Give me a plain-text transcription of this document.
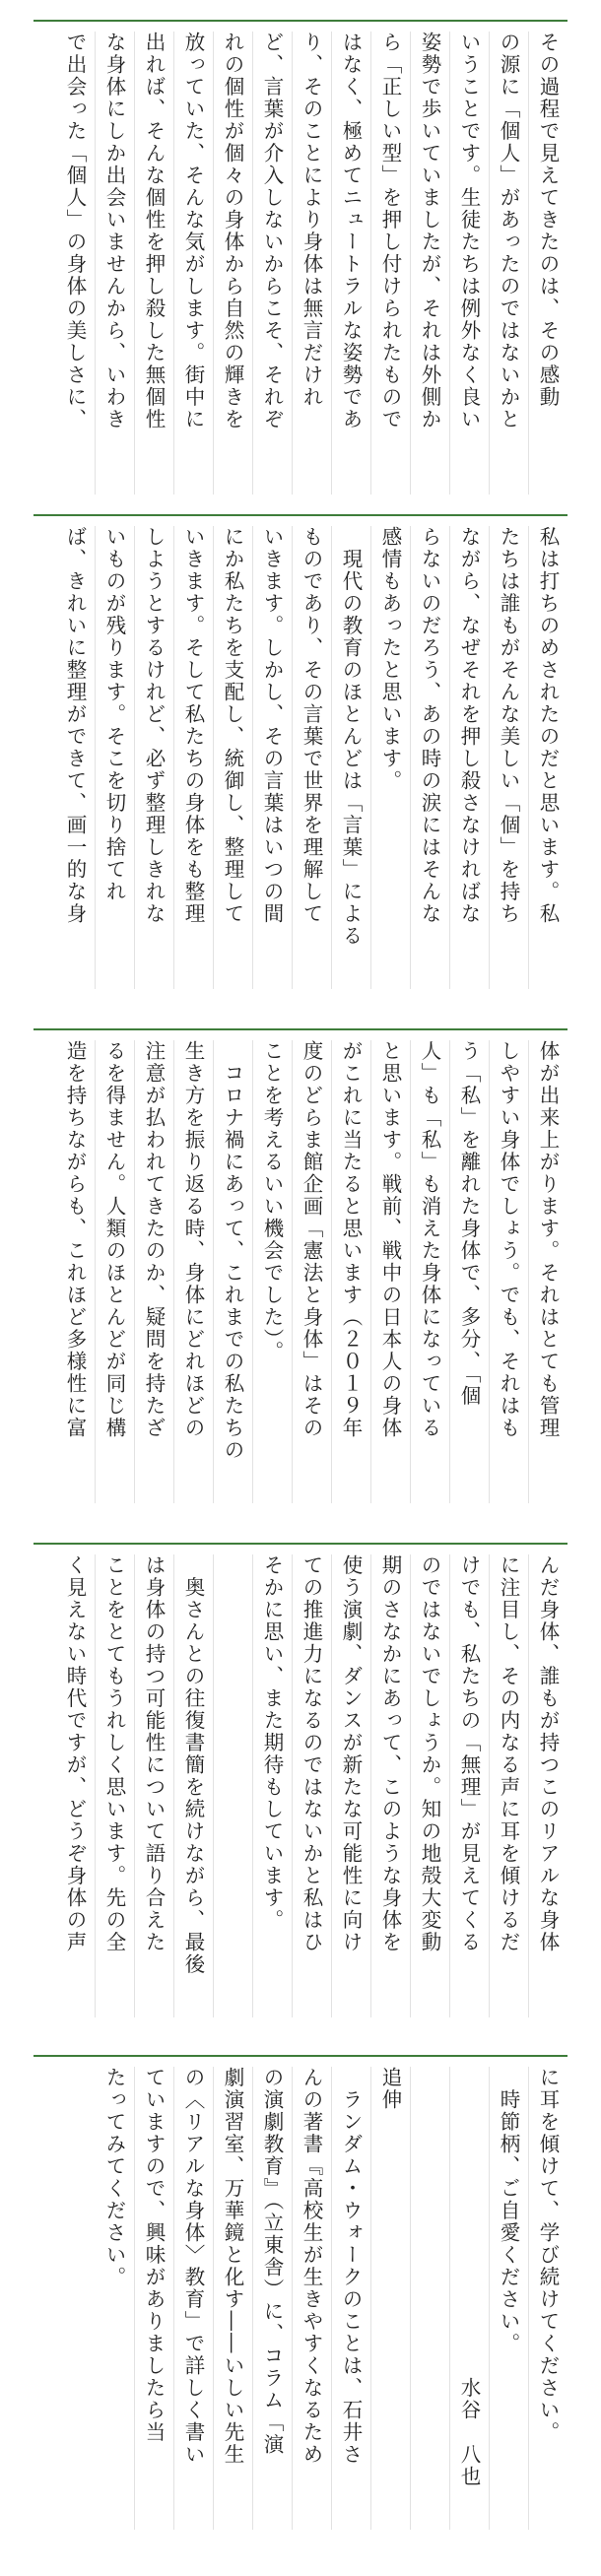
その過程で見えてきたのは、その感動
の源に「個人」があったのではないかと
いうことです。生徒たちは例外なく良い
姿勢で歩いていましたが、それは外側か
ら「正しい型」を押し付けられたもので
はなく、極めてニュートラルな姿勢であ
り、そのことにより身体は無言だけれ
ど、言葉が介入しないからこそ、それぞ
れの個性が個々の身体から自然の輝きを
放っていた、そんな気がします。街中に
出れば、そんな個性を押し殺した無個性
な身体にしか出会いませんから、いわき
で出会った「個人」の身体の美しさに、
私は打ちのめされたのだと思います。私
たちは誰もがそんな美しい「個」を持ち
ながら、なぜそれを押し殺さなければな
らないのだろう、あの時の涙にはそんな
感情もあったと思います。
　現代の教育のほとんどは「言葉」による
ものであり、その言葉で世界を理解して
いきます。しかし、その言葉はいつの間
にか私たちを支配し、統御し、整理して
いきます。そして私たちの身体をも整理
しようとするけれど、必ず整理しきれな
いものが残ります。そこを切り捨てれ
ば、きれいに整理ができて、画一的な身
体が出来上がります。それはとても管理
しやすい身体でしょう。でも、それはも
う「私」を離れた身体で、多分、「個
人」も「私」も消えた身体になっている
と思います。戦前、戦中の日本人の身体
がこれに当たると思います（２０１９年
度のどらま館企画「憲法と身体」はその
ことを考えるいい機会でした）。
　コロナ禍にあって、これまでの私たちの
生き方を振り返る時、身体にどれほどの
注意が払われてきたのか、疑問を持たざ
るを得ません。人類のほとんどが同じ構
造を持ちながらも、これほど多様性に富
んだ身体、誰もが持つこのリアルな身体
に注目し、その内なる声に耳を傾けるだ
けでも、私たちの「無理」が見えてくる
のではないでしょうか。知の地殻大変動
期のさなかにあって、このような身体を
使う演劇、ダンスが新たな可能性に向け
ての推進力になるのではないかと私はひ
そかに思い、また期待もしています。

　奥さんとの往復書簡を続けながら、最後
は身体の持つ可能性について語り合えた
ことをとてもうれしく思います。先の全
く見えない時代ですが、どうぞ身体の声
に耳を傾けて、学び続けてください。
　時節柄、ご自愛ください。
　　　　　　　　　　　　　　水谷　八也

追伸
　ランダム・ウォークのことは、石井さ
んの著書『高校生が生きやすくなるため
の演劇教育』（立東舎）に、コラム「演
劇演習室、万華鏡と化す――いしい先生
の〈リアルな身体〉教育」で詳しく書い
ていますので、興味がありましたら当
たってみてください。
